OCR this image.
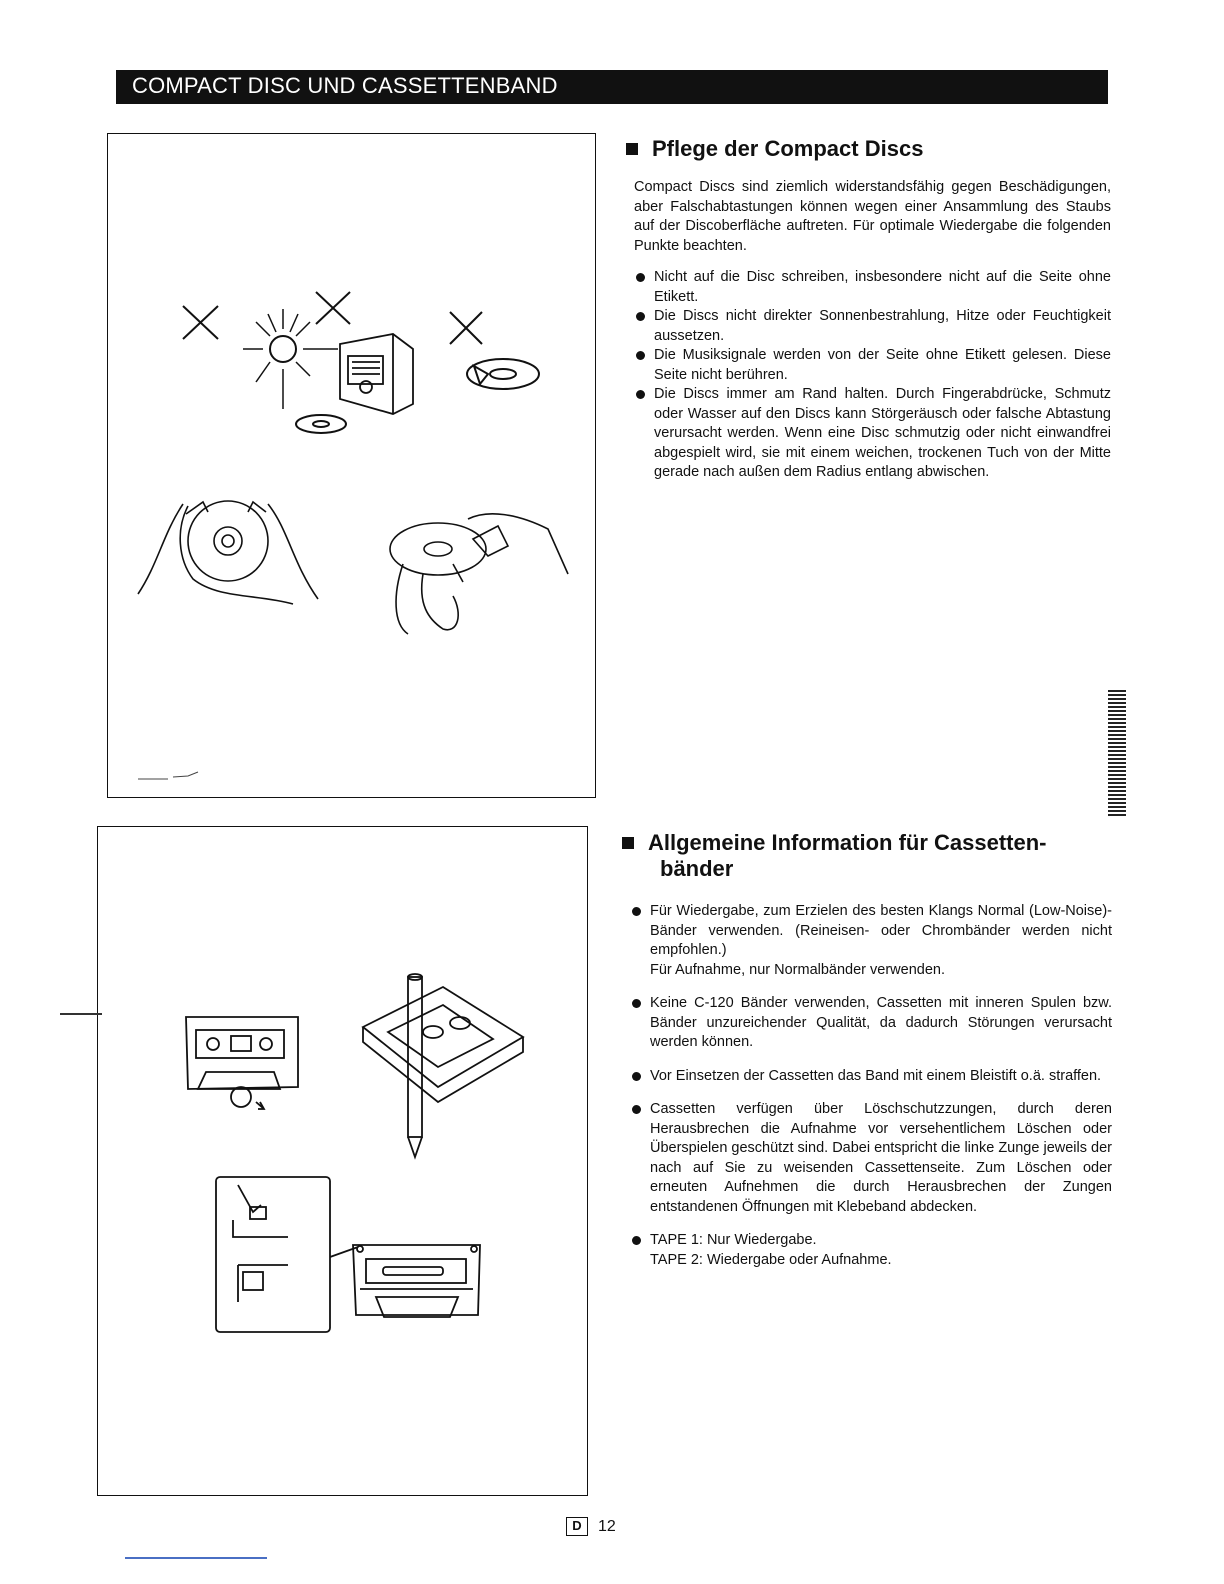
COMPACT DISC UND CASSETTENBAND
Pflege der Compact Discs

Compact Discs sind ziemlich widerstandsfähig gegen Beschädigungen, aber Falschabtastungen können wegen einer Ansammlung des Staubs auf der Discoberfläche auftreten. Für optimale Wiedergabe die folgenden Punkte beachten.

Nicht auf die Disc schreiben, insbesondere nicht auf die Seite ohne Etikett.
Die Discs nicht direkter Sonnenbestrahlung, Hitze oder Feuchtigkeit aussetzen.
Die Musiksignale werden von der Seite ohne Etikett gelesen. Diese Seite nicht berühren.
Die Discs immer am Rand halten. Durch Fingerabdrücke, Schmutz oder Wasser auf den Discs kann Störgeräusch oder falsche Abtastung verursacht werden. Wenn eine Disc schmutzig oder nicht einwandfrei abgespielt wird, sie mit einem weichen, trockenen Tuch von der Mitte gerade nach außen dem Radius entlang abwischen.
Allgemeine Information für Cassetten-
bänder
Für Wiedergabe, zum Erzielen des besten Klangs Normal (Low-Noise)-Bänder verwenden. (Reineisen- oder Chrombänder werden nicht empfohlen.)
Für Aufnahme, nur Normalbänder verwenden.
Keine C-120 Bänder verwenden, Cassetten mit inneren Spulen bzw. Bänder unzureichender Qualität, da dadurch Störungen verursacht werden können.
Vor Einsetzen der Cassetten das Band mit einem Bleistift o.ä. straffen.
Cassetten verfügen über Löschschutzzungen, durch deren Herausbrechen die Aufnahme vor versehentlichem Löschen oder Überspielen geschützt sind. Dabei entspricht die linke Zunge jeweils der nach auf Sie zu weisenden Cassettenseite. Zum Löschen oder erneuten Aufnehmen die durch Herausbrechen der Zungen entstandenen Öffnungen mit Klebeband abdecken.
TAPE 1: Nur Wiedergabe.
TAPE 2: Wiedergabe oder Aufnahme.
D	12
